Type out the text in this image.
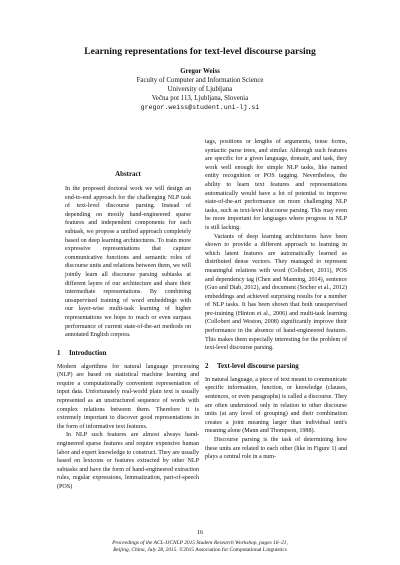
Learning representations for text-level discourse parsing
Gregor Weiss
Faculty of Computer and Information Science
University of Ljubljana
Večna pot 113, Ljubljana, Slovenia
gregor.weiss@student.uni-lj.si
Abstract
In the proposed doctoral work we will design an end-to-end approach for the challenging NLP task of text-level discourse parsing. Instead of depending on mostly hand-engineered sparse features and independent components for each subtask, we propose a unified approach completely based on deep learning architectures. To train more expressive representations that capture communicative functions and semantic roles of discourse units and relations between them, we will jointly learn all discourse parsing subtasks at different layers of our architecture and share their intermediate representations. By combining unsupervised training of word embeddings with our layer-wise multi-task learning of higher representations we hope to reach or even surpass performance of current state-of-the-art methods on annotated English corpora.
1 Introduction

Modern algorithms for natural language processing (NLP) are based on statistical machine learning and require a computationally convenient representation of input data. Unfortunately real-world plain text is usually represented as an unstructured sequence of words with complex relations between them. Therefore it is extremely important to discover good representations in the form of informative text features.

In NLP such features are almost always hand-engineered sparse features and require expensive human labor and expert knowledge to construct. They are usually based on lexicons or features extracted by other NLP subtasks and have the form of hand-engineered extraction rules, regular expressions, lemmatization, part-of-speech (POS)

tags, positions or lengths of arguments, tense forms, syntactic parse trees, and similar. Although such features are specific for a given language, domain, and task, they work well enough for simple NLP tasks, like named entity recognition or POS tagging. Nevertheless, the ability to learn text features and representations automatically would have a lot of potential to improve state-of-the-art performance on more challenging NLP tasks, such as text-level discourse parsing. This may even be more important for languages where progress in NLP is still lacking.

Variants of deep learning architectures have been shown to provide a different approach to learning in which latent features are automatically learned as distributed dense vectors. They managed to represent meaningful relations with word (Collobert, 2011), POS and dependency tag (Chen and Manning, 2014), sentence (Guo and Diab, 2012), and document (Socher et al., 2012) embeddings and achieved surprising results for a number of NLP tasks. It has been shown that both unsupervised pre-training (Hinton et al., 2006) and multi-task learning (Collobert and Weston, 2008) significantly improve their performance in the absence of hand-engineered features. This makes them especially interesting for the problem of text-level discourse parsing.

2 Text-level discourse parsing

In natural language, a piece of text meant to communicate specific information, function, or knowledge (clauses, sentences, or even paragraphs) is called a discourse. They are often understood only in relation to other discourse units (at any level of grouping) and their combination creates a joint meaning larger than individual unit's meaning alone (Mann and Thompson, 1988).

Discourse parsing is the task of determining how these units are related to each other (like in Figure 1) and plays a central role in a num-

16
Proceedings of the ACL-IJCNLP 2015 Student Research Workshop, pages 16–21,
Beijing, China, July 28, 2015. ©2015 Association for Computational Linguistics
